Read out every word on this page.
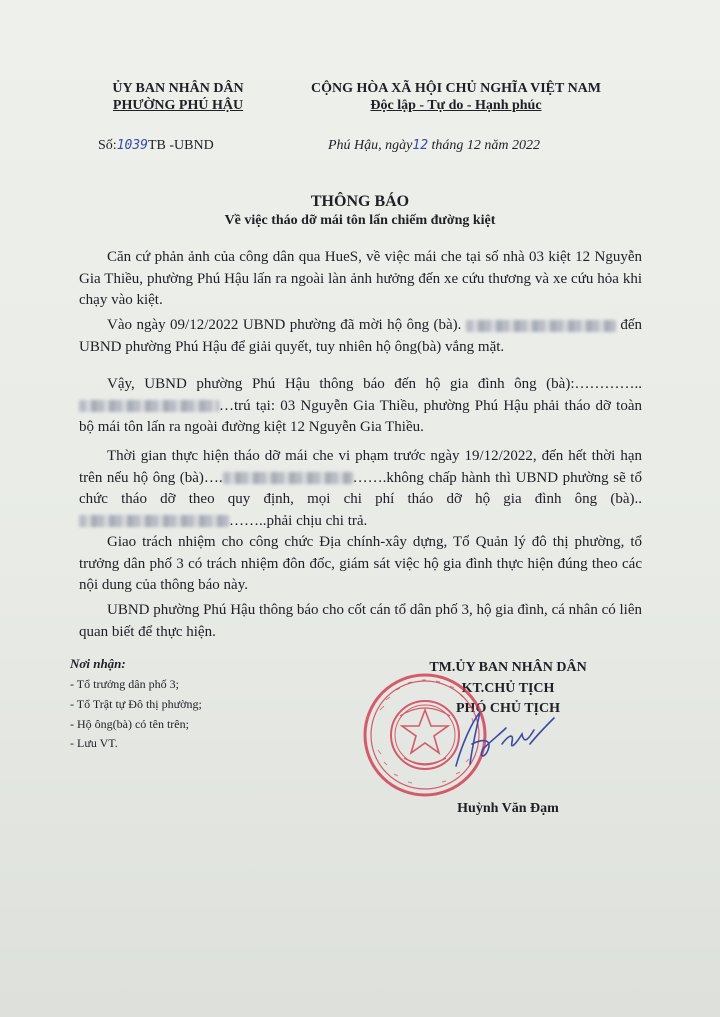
ỦY BAN NHÂN DÂN
PHƯỜNG PHÚ HẬU
CỘNG HÒA XÃ HỘI CHỦ NGHĨA VIỆT NAM
Độc lập - Tự do - Hạnh phúc
Số:1039TB -UBND	Phú Hậu, ngày12 tháng 12 năm 2022
THÔNG BÁO
Về việc tháo dỡ mái tôn lấn chiếm đường kiệt
Căn cứ phản ảnh của công dân qua HueS, về việc mái che tại số nhà 03 kiệt 12 Nguyễn Gia Thiều, phường Phú Hậu lấn ra ngoài làn ảnh hưởng đến xe cứu thương và xe cứu hỏa khi chạy vào kiệt.
Vào ngày 09/12/2022 UBND phường đã mời hộ ông (bà).	đến UBND phường Phú Hậu để giải quyết, tuy nhiên hộ ông(bà) vắng mặt.
Vậy, UBND phường Phú Hậu thông báo đến hộ gia đình ông (bà):………….. …trú tại: 03 Nguyễn Gia Thiều, phường Phú Hậu phải tháo dỡ toàn bộ mái tôn lấn ra ngoài đường kiệt 12 Nguyễn Gia Thiều.
Thời gian thực hiện tháo dỡ mái che vi phạm trước ngày 19/12/2022, đến hết thời hạn trên nếu hộ ông (bà)….	…….không chấp hành thì UBND phường sẽ tổ chức tháo dỡ theo quy định, mọi chi phí tháo dỡ hộ gia đình ông (bà)..……..phải chịu chi trả.
Giao trách nhiệm cho công chức Địa chính-xây dựng, Tổ Quản lý đô thị phường, tổ trưởng dân phố 3 có trách nhiệm đôn đốc, giám sát việc hộ gia đình thực hiện đúng theo các nội dung của thông báo này.
UBND phường Phú Hậu thông báo cho cốt cán tổ dân phố 3, hộ gia đình, cá nhân có liên quan biết để thực hiện.
Nơi nhận:
- Tổ trưởng dân phố 3;
- Tổ Trật tự Đô thị phường;
- Hộ ông(bà) có tên trên;
- Lưu VT.
TM.ỦY BAN NHÂN DÂN
KT.CHỦ TỊCH
PHÓ CHỦ TỊCH
Huỳnh Văn Đạm
